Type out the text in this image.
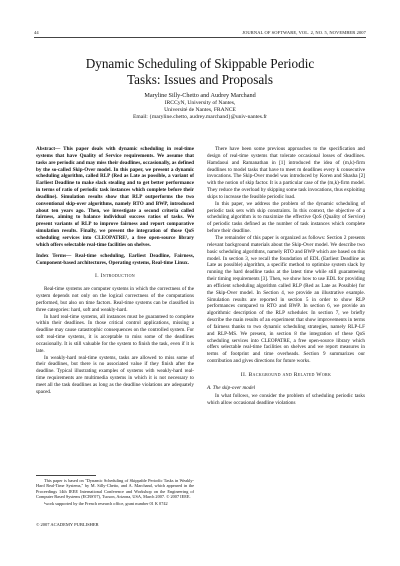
44	JOURNAL OF SOFTWARE, VOL. 2, NO. 5, NOVEMBER 2007
Dynamic Scheduling of Skippable Periodic
Tasks: Issues and Proposals
Maryline Silly-Chetto and Audrey Marchand
IRCCyN, University of Nantes,
Université de Nantes, FRANCE
Email: {maryline.chetto, audrey.marchand}@univ-nantes.fr

Abstract— This paper deals with dynamic scheduling in real-time systems that have Quality of Service requirements. We assume that tasks are periodic and may miss their deadlines, occasionally, as defined by the so-called Skip-Over model. In this paper, we present a dynamic scheduling algorithm, called RLP (Red as Late as possible, a variant of Earliest Deadline to make slack stealing and to get better performance in terms of ratio of periodic task instances which complete before their deadline). Simulation results show that RLP outperforms the two conventional skip-over algorithms, namely RTO and BWP, introduced about ten years ago. Then, we investigate a second criteria called fairness, aiming to balance individual success ratios of tasks. We present variants of RLP to improve fairness and report comparative simulation results. Finally, we present the integration of those QoS scheduling services into CLEOPATRE¹, a free open-source library which offers selectable real-time facilities on shelves.

Index Terms— Real-time scheduling, Earliest Deadline, Fairness, Component-based architectures, Operating systems, Real-time Linux.

I. Introduction

Real-time systems are computer systems in which the correctness of the system depends not only on the logical correctness of the computations performed, but also on time factors. Real-time systems can be classified in three categories: hard, soft and weakly-hard.

In hard real-time systems, all instances must be guaranteed to complete within their deadlines. In those critical control applications, missing a deadline may cause catastrophic consequences on the controlled system. For soft real-time systems, it is acceptable to miss some of the deadlines occasionally. It is still valuable for the system to finish the task, even if it is late.

In weakly-hard real-time systems, tasks are allowed to miss some of their deadlines, but there is no associated value if they finish after the deadline. Typical illustrating examples of systems with weakly-hard real-time requirements are multimedia systems in which it is not necessary to meet all the task deadlines as long as the deadline violations are adequately spaced.

This paper is based on "Dynamic Scheduling of Skippable Periodic Tasks in Weakly-Hard Real-Time Systems," by M. Silly-Chetto, and A. Marchand, which appeared in the Proceedings 14th IEEE International Conference and Workshop on the Engineering of Computer Based Systems (ECBS'07), Tucson, Arizona, USA, March 2007. © 2007 IEEE.

¹work supported by the French research office, grant number 01 K 0742

© 2007 ACADEMY PUBLISHER

There have been some previous approaches to the specification and design of real-time systems that tolerate occasional losses of deadlines. Hamdaoui and Ramanathan in [1] introduced the idea of (m,k)-firm deadlines to model tasks that have to meet m deadlines every k consecutive invocations. The Skip-Over model was introduced by Koren and Shasha [2] with the notion of skip factor. It is a particular case of the (m,k)-firm model. They reduce the overload by skipping some task invocations, thus exploiting skips to increase the feasible periodic load.

In this paper, we address the problem of the dynamic scheduling of periodic task sets with skip constraints. In this context, the objective of a scheduling algorithm is to maximize the effective QoS (Quality of Service) of periodic tasks defined as the number of task instances which complete before their deadline.

The remainder of this paper is organized as follows: Section 2 presents relevant background materials about the Skip-Over model. We describe two basic scheduling algorithms, namely RTO and BWP which are based on this model. In section 3, we recall the foundation of EDL (Earliest Deadline as Late as possible) algorithm, a specific method to optimize system slack by running the hard deadline tasks at the latest time while still guaranteeing their timing requirements [3]. Then, we show how to use EDL for providing an efficient scheduling algorithm called RLP (Red as Late as Possible) for the Skip-Over model. In Section 4, we provide an illustrative example. Simulation results are reported in section 5 in order to show RLP performances compared to RTO and BWP. In section 6, we provide an algorithmic description of the RLP scheduler. In section 7, we briefly describe the main results of an experiment that show improvements in terms of fairness thanks to two dynamic scheduling strategies, namely RLP-LF and RLP-MS. We present, in section 8 the integration of these QoS scheduling services into CLEOPATRE, a free open-source library which offers selectable real-time facilities on shelves and we report measures in terms of footprint and time overheads. Section 9 summarizes our contribution and gives directions for future works.

II. Background and Related Work

A. The skip-over model

In what follows, we consider the problem of scheduling periodic tasks which allow occasional deadline violations
